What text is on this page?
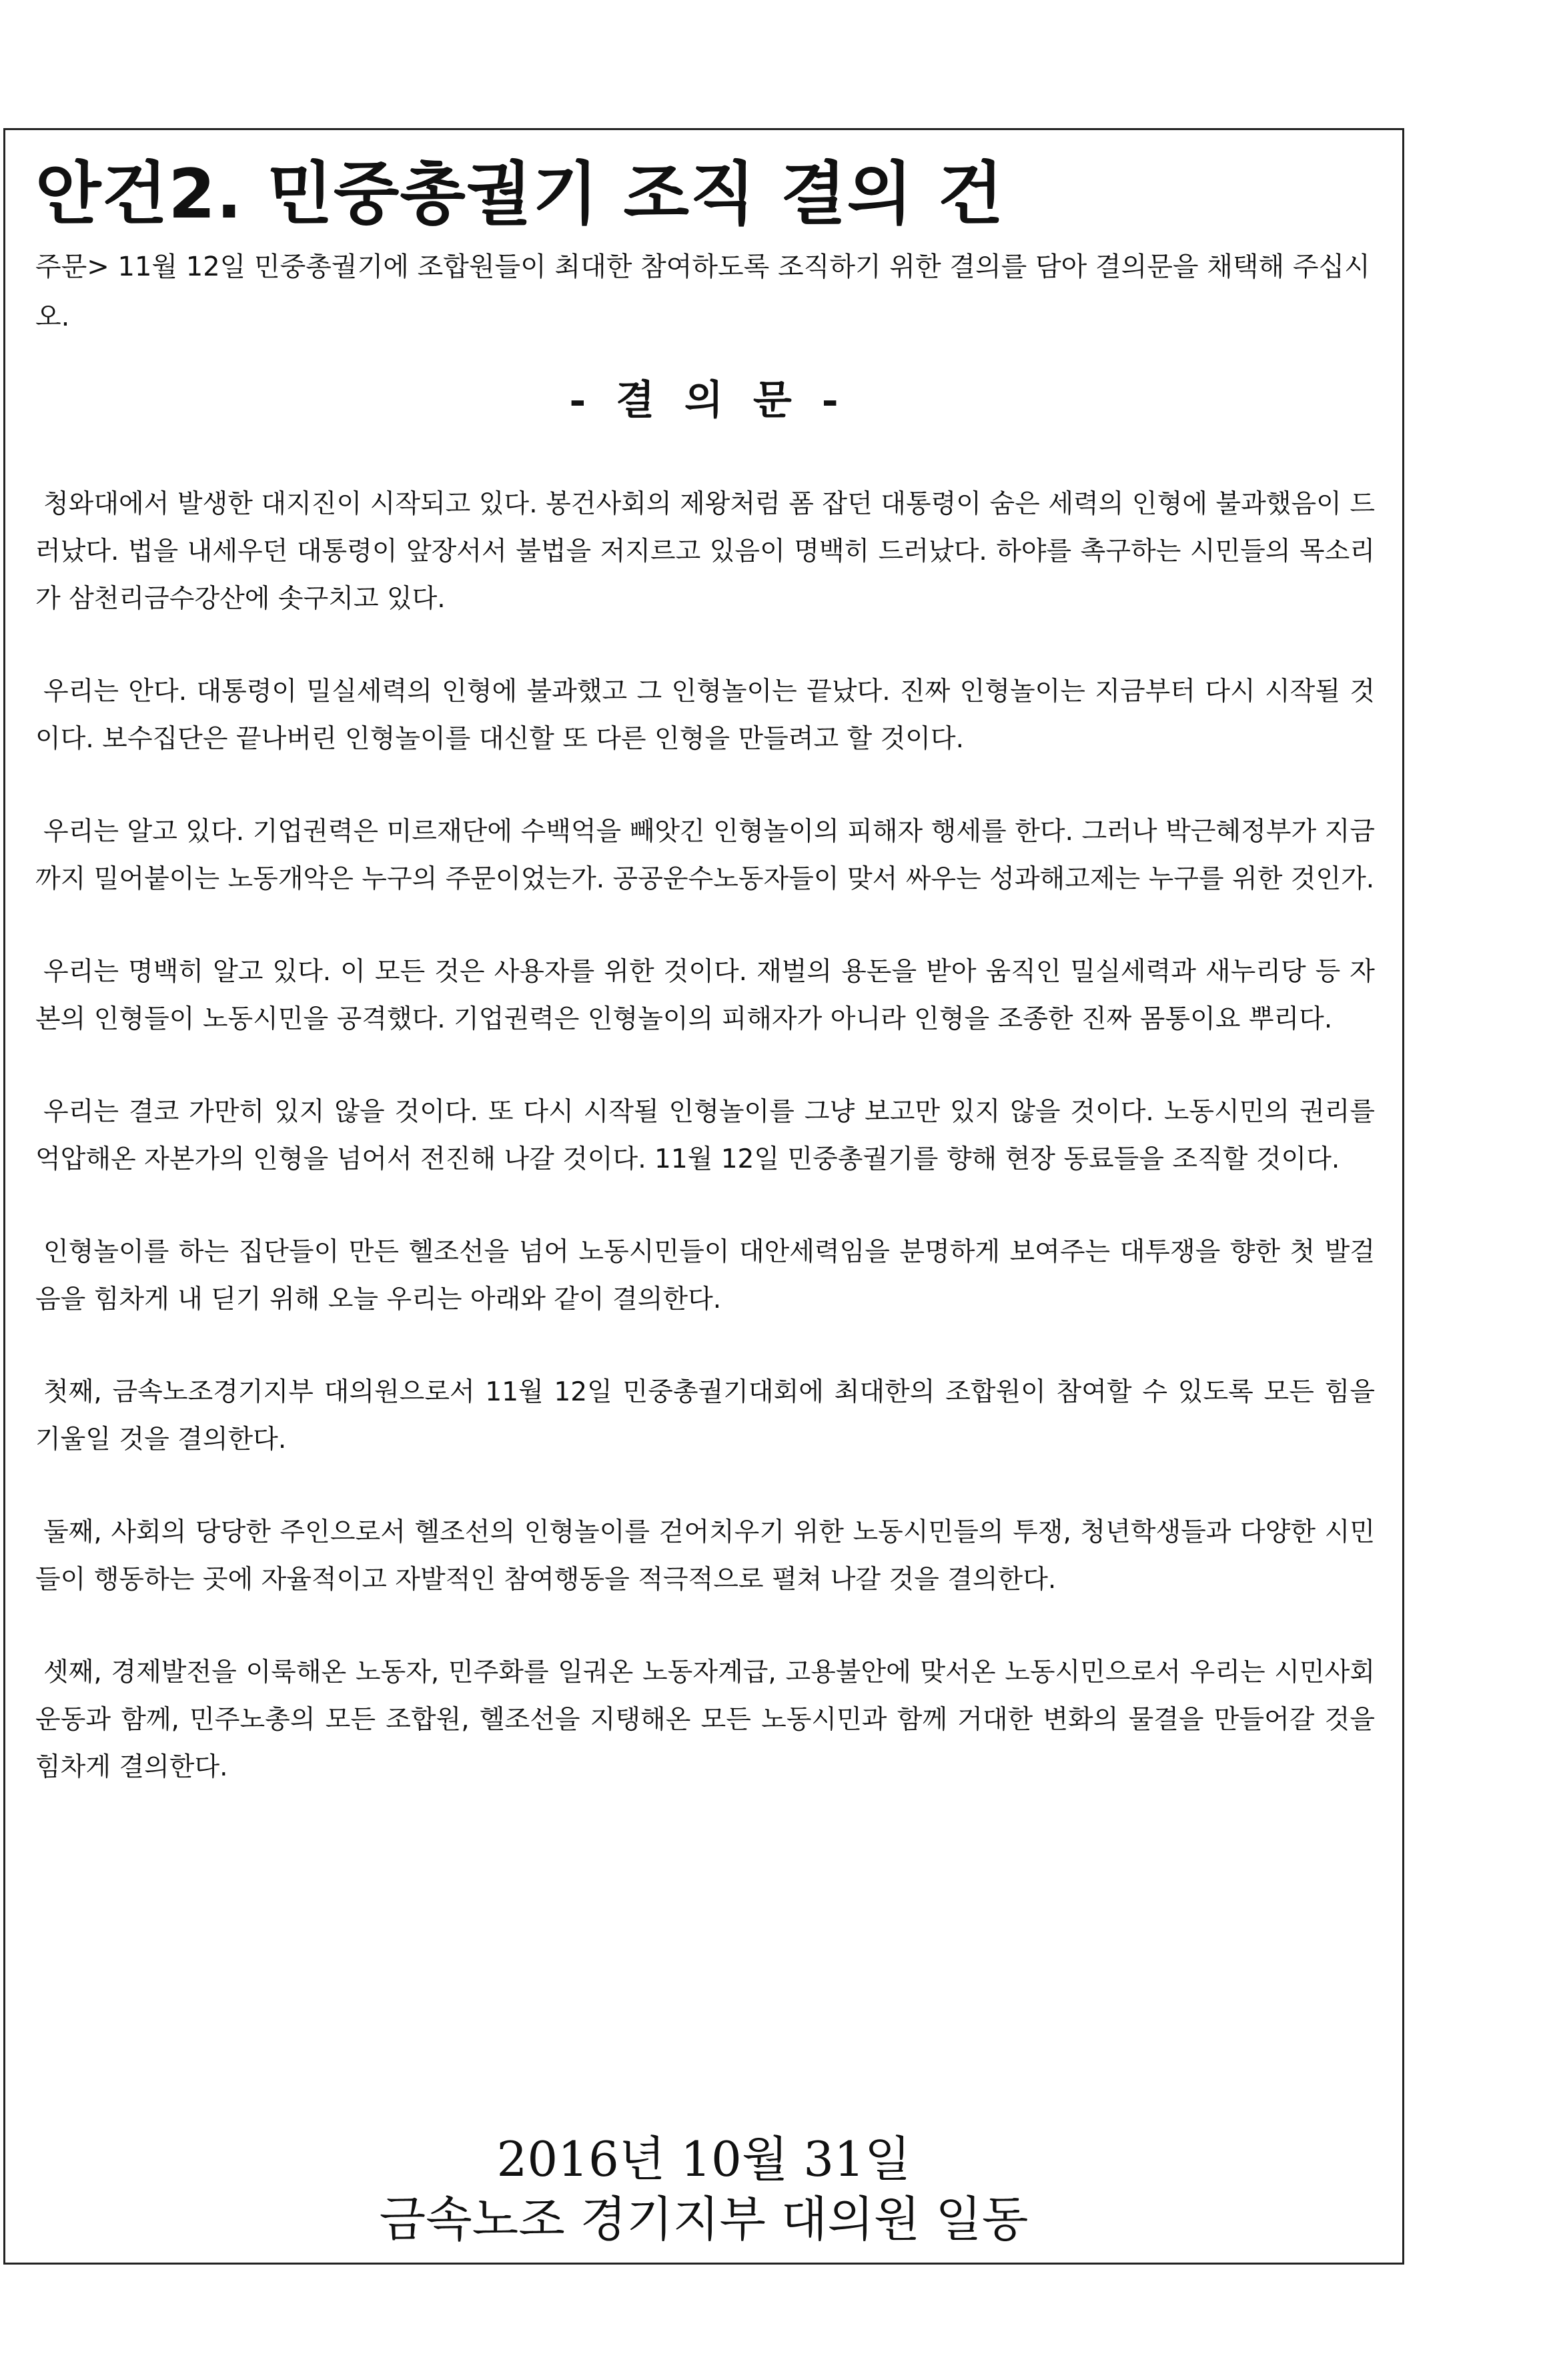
안건2. 민중총궐기 조직 결의 건

주문> 11월 12일 민중총궐기에 조합원들이 최대한 참여하도록 조직하기 위한 결의를 담아 결의문을 채택해 주십시오.

- 결 의 문 -

청와대에서 발생한 대지진이 시작되고 있다. 봉건사회의 제왕처럼 폼 잡던 대통령이 숨은 세력의 인형에 불과했음이 드러났다. 법을 내세우던 대통령이 앞장서서 불법을 저지르고 있음이 명백히 드러났다. 하야를 촉구하는 시민들의 목소리가 삼천리금수강산에 솟구치고 있다.

우리는 안다. 대통령이 밀실세력의 인형에 불과했고 그 인형놀이는 끝났다. 진짜 인형놀이는 지금부터 다시 시작될 것이다. 보수집단은 끝나버린 인형놀이를 대신할 또 다른 인형을 만들려고 할 것이다.

우리는 알고 있다. 기업권력은 미르재단에 수백억을 빼앗긴 인형놀이의 피해자 행세를 한다. 그러나 박근혜정부가 지금까지 밀어붙이는 노동개악은 누구의 주문이었는가. 공공운수노동자들이 맞서 싸우는 성과해고제는 누구를 위한 것인가.

우리는 명백히 알고 있다. 이 모든 것은 사용자를 위한 것이다. 재벌의 용돈을 받아 움직인 밀실세력과 새누리당 등 자본의 인형들이 노동시민을 공격했다. 기업권력은 인형놀이의 피해자가 아니라 인형을 조종한 진짜 몸통이요 뿌리다.

우리는 결코 가만히 있지 않을 것이다. 또 다시 시작될 인형놀이를 그냥 보고만 있지 않을 것이다. 노동시민의 권리를 억압해온 자본가의 인형을 넘어서 전진해 나갈 것이다. 11월 12일 민중총궐기를 향해 현장 동료들을 조직할 것이다.

인형놀이를 하는 집단들이 만든 헬조선을 넘어 노동시민들이 대안세력임을 분명하게 보여주는 대투쟁을 향한 첫 발걸음을 힘차게 내 딛기 위해 오늘 우리는 아래와 같이 결의한다.

첫째, 금속노조경기지부 대의원으로서 11월 12일 민중총궐기대회에 최대한의 조합원이 참여할 수 있도록 모든 힘을 기울일 것을 결의한다.

둘째, 사회의 당당한 주인으로서 헬조선의 인형놀이를 걷어치우기 위한 노동시민들의 투쟁, 청년학생들과 다양한 시민들이 행동하는 곳에 자율적이고 자발적인 참여행동을 적극적으로 펼쳐 나갈 것을 결의한다.

셋째, 경제발전을 이룩해온 노동자, 민주화를 일궈온 노동자계급, 고용불안에 맞서온 노동시민으로서 우리는 시민사회운동과 함께, 민주노총의 모든 조합원, 헬조선을 지탱해온 모든 노동시민과 함께 거대한 변화의 물결을 만들어갈 것을 힘차게 결의한다.

2016년 10월 31일
금속노조 경기지부 대의원 일동
